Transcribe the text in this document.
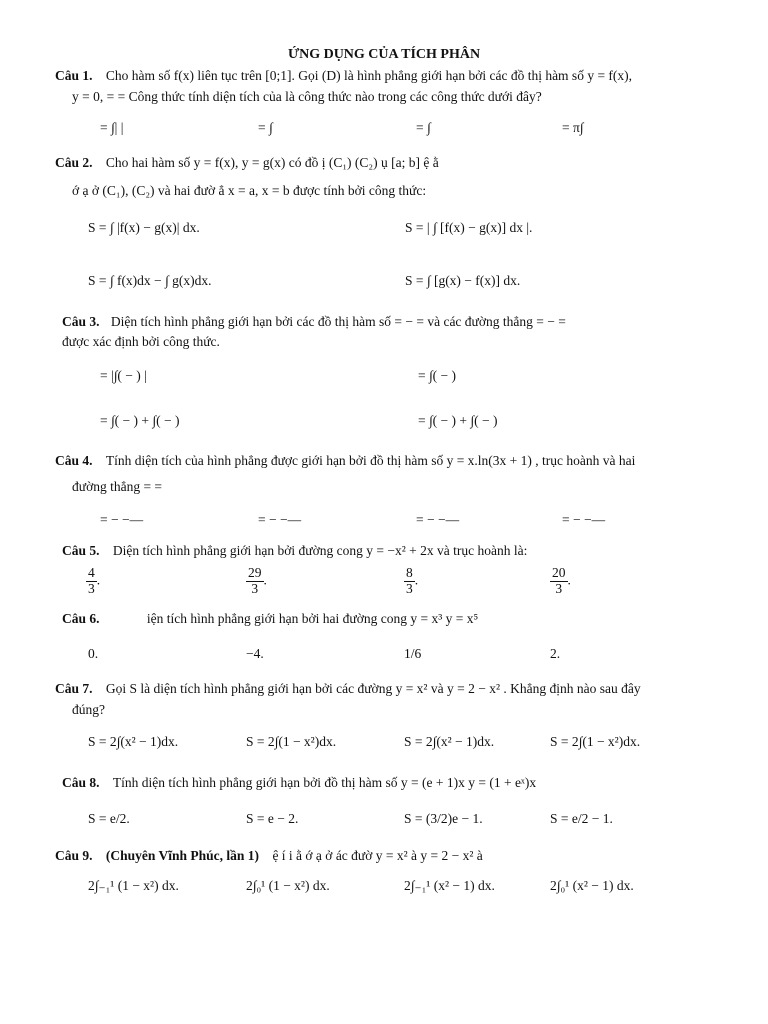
ỨNG DỤNG CỦA TÍCH PHÂN
Câu 1. Cho hàm số f(x) liên tục trên [0;1]. Gọi (D) là hình phẳng giới hạn bởi các đồ thị hàm số y = f(x),
y = 0, = = Công thức tính diện tích của là công thức nào trong các công thức dưới đây?
= ∫| |	= ∫	= ∫	= π∫
Câu 2. Cho hai hàm số y = f(x), y = g(x) có đồ ị (C₁) (C₂) ụ [a; b] ệ ằ
ớ ạ ở (C₁), (C₂) và hai đườ ẳ x = a, x = b được tính bởi công thức:
S = ∫ |f(x) − g(x)| dx.	S = | ∫ [f(x) − g(x)] dx |.
S = ∫ f(x)dx − ∫ g(x)dx.	S = ∫ [g(x) − f(x)] dx.
Câu 3. Diện tích hình phẳng giới hạn bởi các đồ thị hàm số = − = và các đường thẳng = − =
được xác định bởi công thức.
= |∫( − ) |	= ∫( − )
= ∫( − ) + ∫( − )	= ∫( − ) + ∫( − )
Câu 4. Tính diện tích của hình phẳng được giới hạn bởi đồ thị hàm số y = x.ln(3x + 1) , trục hoành và hai
đường thẳng = =
= − −—	= − −—	= − −—	= − −—
Câu 5. Diện tích hình phẳng giới hạn bởi đường cong y = −x² + 2x và trục hoành là:
$\frac{4}{3}$ .	$\frac{29}{3}$ .	$\frac{8}{3}$ .	$\frac{20}{3}$ .
Câu 6.	iện tích hình phẳng giới hạn bởi hai đường cong y = x³ y = x⁵
0.	−4.	1/6	2.
Câu 7. Gọi S là diện tích hình phẳng giới hạn bởi các đường y = x² và y = 2 − x² . Khẳng định nào sau đây
đúng?
S = 2∫(x² − 1)dx.	S = 2∫(1 − x²)dx.	S = 2∫(x² − 1)dx.	S = 2∫(1 − x²)dx.
Câu 8. Tính diện tích hình phẳng giới hạn bởi đồ thị hàm số y = (e + 1)x y = (1 + eˣ)x
S = e/2.	S = e − 2.	S = (3/2)e − 1.	S = e/2 − 1.
Câu 9. (Chuyên Vĩnh Phúc, lần 1) ệ í i ằ ớ ạ ở ác đườ y = x² à y = 2 − x² à
2∫₋₁¹ (1 − x²) dx.	2∫₀¹ (1 − x²) dx.	2∫₋₁¹ (x² − 1) dx.	2∫₀¹ (x² − 1) dx.
